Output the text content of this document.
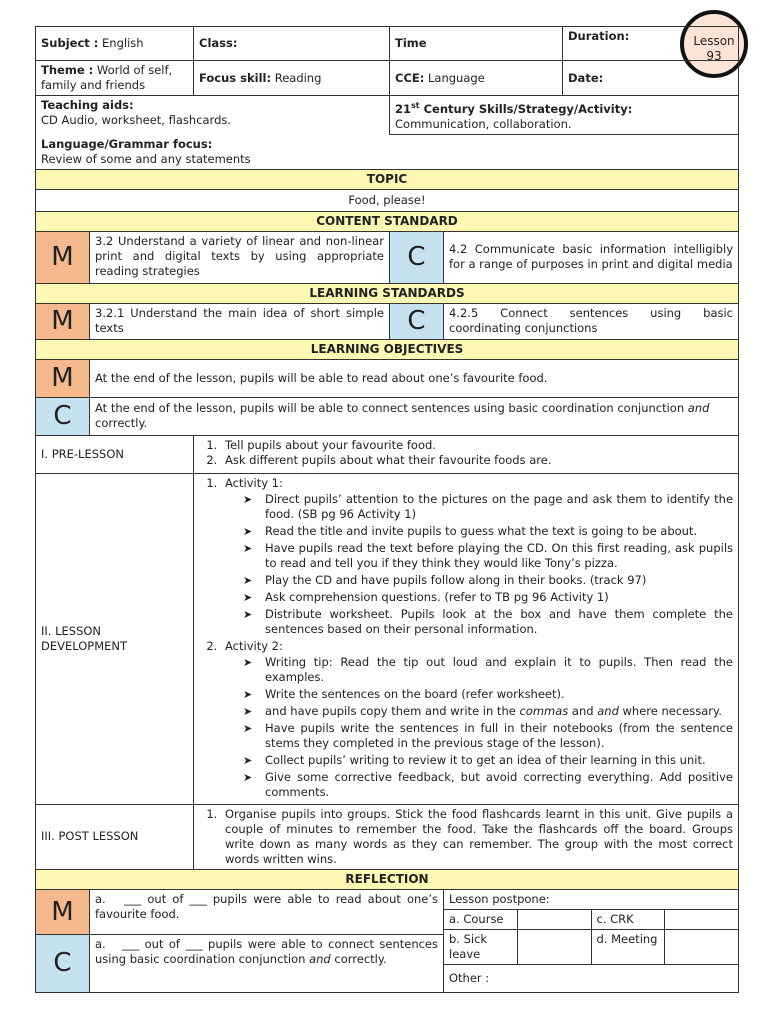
Lesson
93
Subject : English	Class:	Time	Duration:
Theme : World of self, family and friends	Focus skill: Reading	CCE: Language	Date:

Teaching aids:
CD Audio, worksheet, flashcards.
	21st Century Skills/Strategy/Activity:
Communication, collaboration.

Language/Grammar focus:
Review of some and any statements

TOPIC
Food, please!
CONTENT STANDARD
M	3.2 Understand a variety of linear and non-linear print and digital texts by using appropriate reading strategies	C	4.2 Communicate basic information intelligibly for a range of purposes in print and digital media
LEARNING STANDARDS
M	3.2.1 Understand the main idea of short simple texts	C	4.2.5 Connect sentences using basic coordinating conjunctions
LEARNING OBJECTIVES
M	At the end of the lesson, pupils will be able to read about one’s favourite food.
C	At the end of the lesson, pupils will be able to connect sentences using basic coordination conjunction and correctly.
I. PRE-LESSON	
1. Tell pupils about your favourite food.
2. Ask different pupils about what their favourite foods are.

II. LESSON DEVELOPMENT	
1. Activity 1:
➤ Direct pupils’ attention to the pictures on the page and ask them to identify the food. (SB pg 96 Activity 1)
➤ Read the title and invite pupils to guess what the text is going to be about.
➤ Have pupils read the text before playing the CD. On this first reading, ask pupils to read and tell you if they think they would like Tony’s pizza.
➤ Play the CD and have pupils follow along in their books. (track 97)
➤ Ask comprehension questions. (refer to TB pg 96 Activity 1)
➤ Distribute worksheet. Pupils look at the box and have them complete the sentences based on their personal information.
2. Activity 2:
➤ Writing tip: Read the tip out loud and explain it to pupils. Then read the examples.
➤ Write the sentences on the board (refer worksheet).
➤ and have pupils copy them and write in the commas and and where necessary.
➤ Have pupils write the sentences in full in their notebooks (from the sentence stems they completed in the previous stage of the lesson).
➤ Collect pupils’ writing to review it to get an idea of their learning in this unit.
➤ Give some corrective feedback, but avoid correcting everything. Add positive comments.

III. POST LESSON	
1. Organise pupils into groups. Stick the food flashcards learnt in this unit. Give pupils a couple of minutes to remember the food. Take the flashcards off the board. Groups write down as many words as they can remember. The group with the most correct words written wins.

REFLECTION
M	a. ___ out of ___ pupils were able to read about one’s favourite food.	
Lesson postpone:
a. Course		c. CRK	
b. Sick leave		d. Meeting	
Other :

C	a. ___ out of ___ pupils were able to connect sentences using basic coordination conjunction and correctly.
